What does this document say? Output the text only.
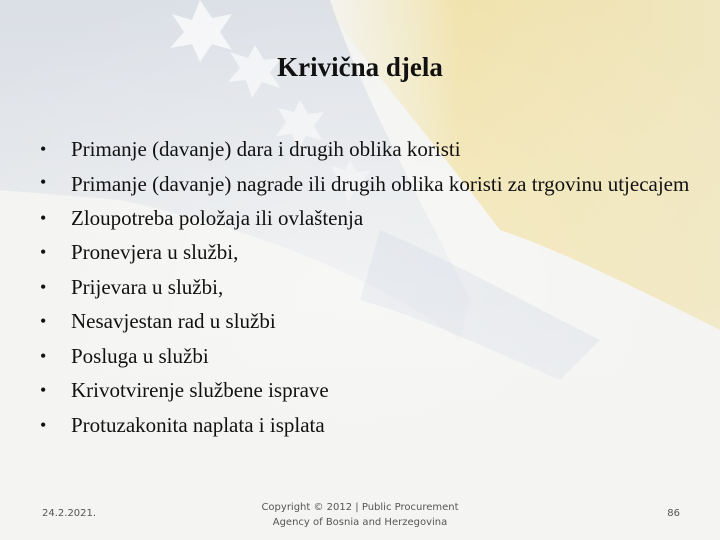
Krivična djela
• Primanje (davanje) dara i drugih oblika koristi
• Primanje (davanje) nagrade ili drugih oblika koristi za trgovinu utjecajem
• Zloupotreba položaja ili ovlaštenja
• Pronevjera u službi,
• Prijevara u službi,
• Nesavjestan rad u službi
• Posluga u službi
• Krivotvirenje službene isprave
• Protuzakonita naplata i isplata
24.2.2021.
Copyright © 2012 | Public Procurement
Agency of Bosnia and Herzegovina
86
